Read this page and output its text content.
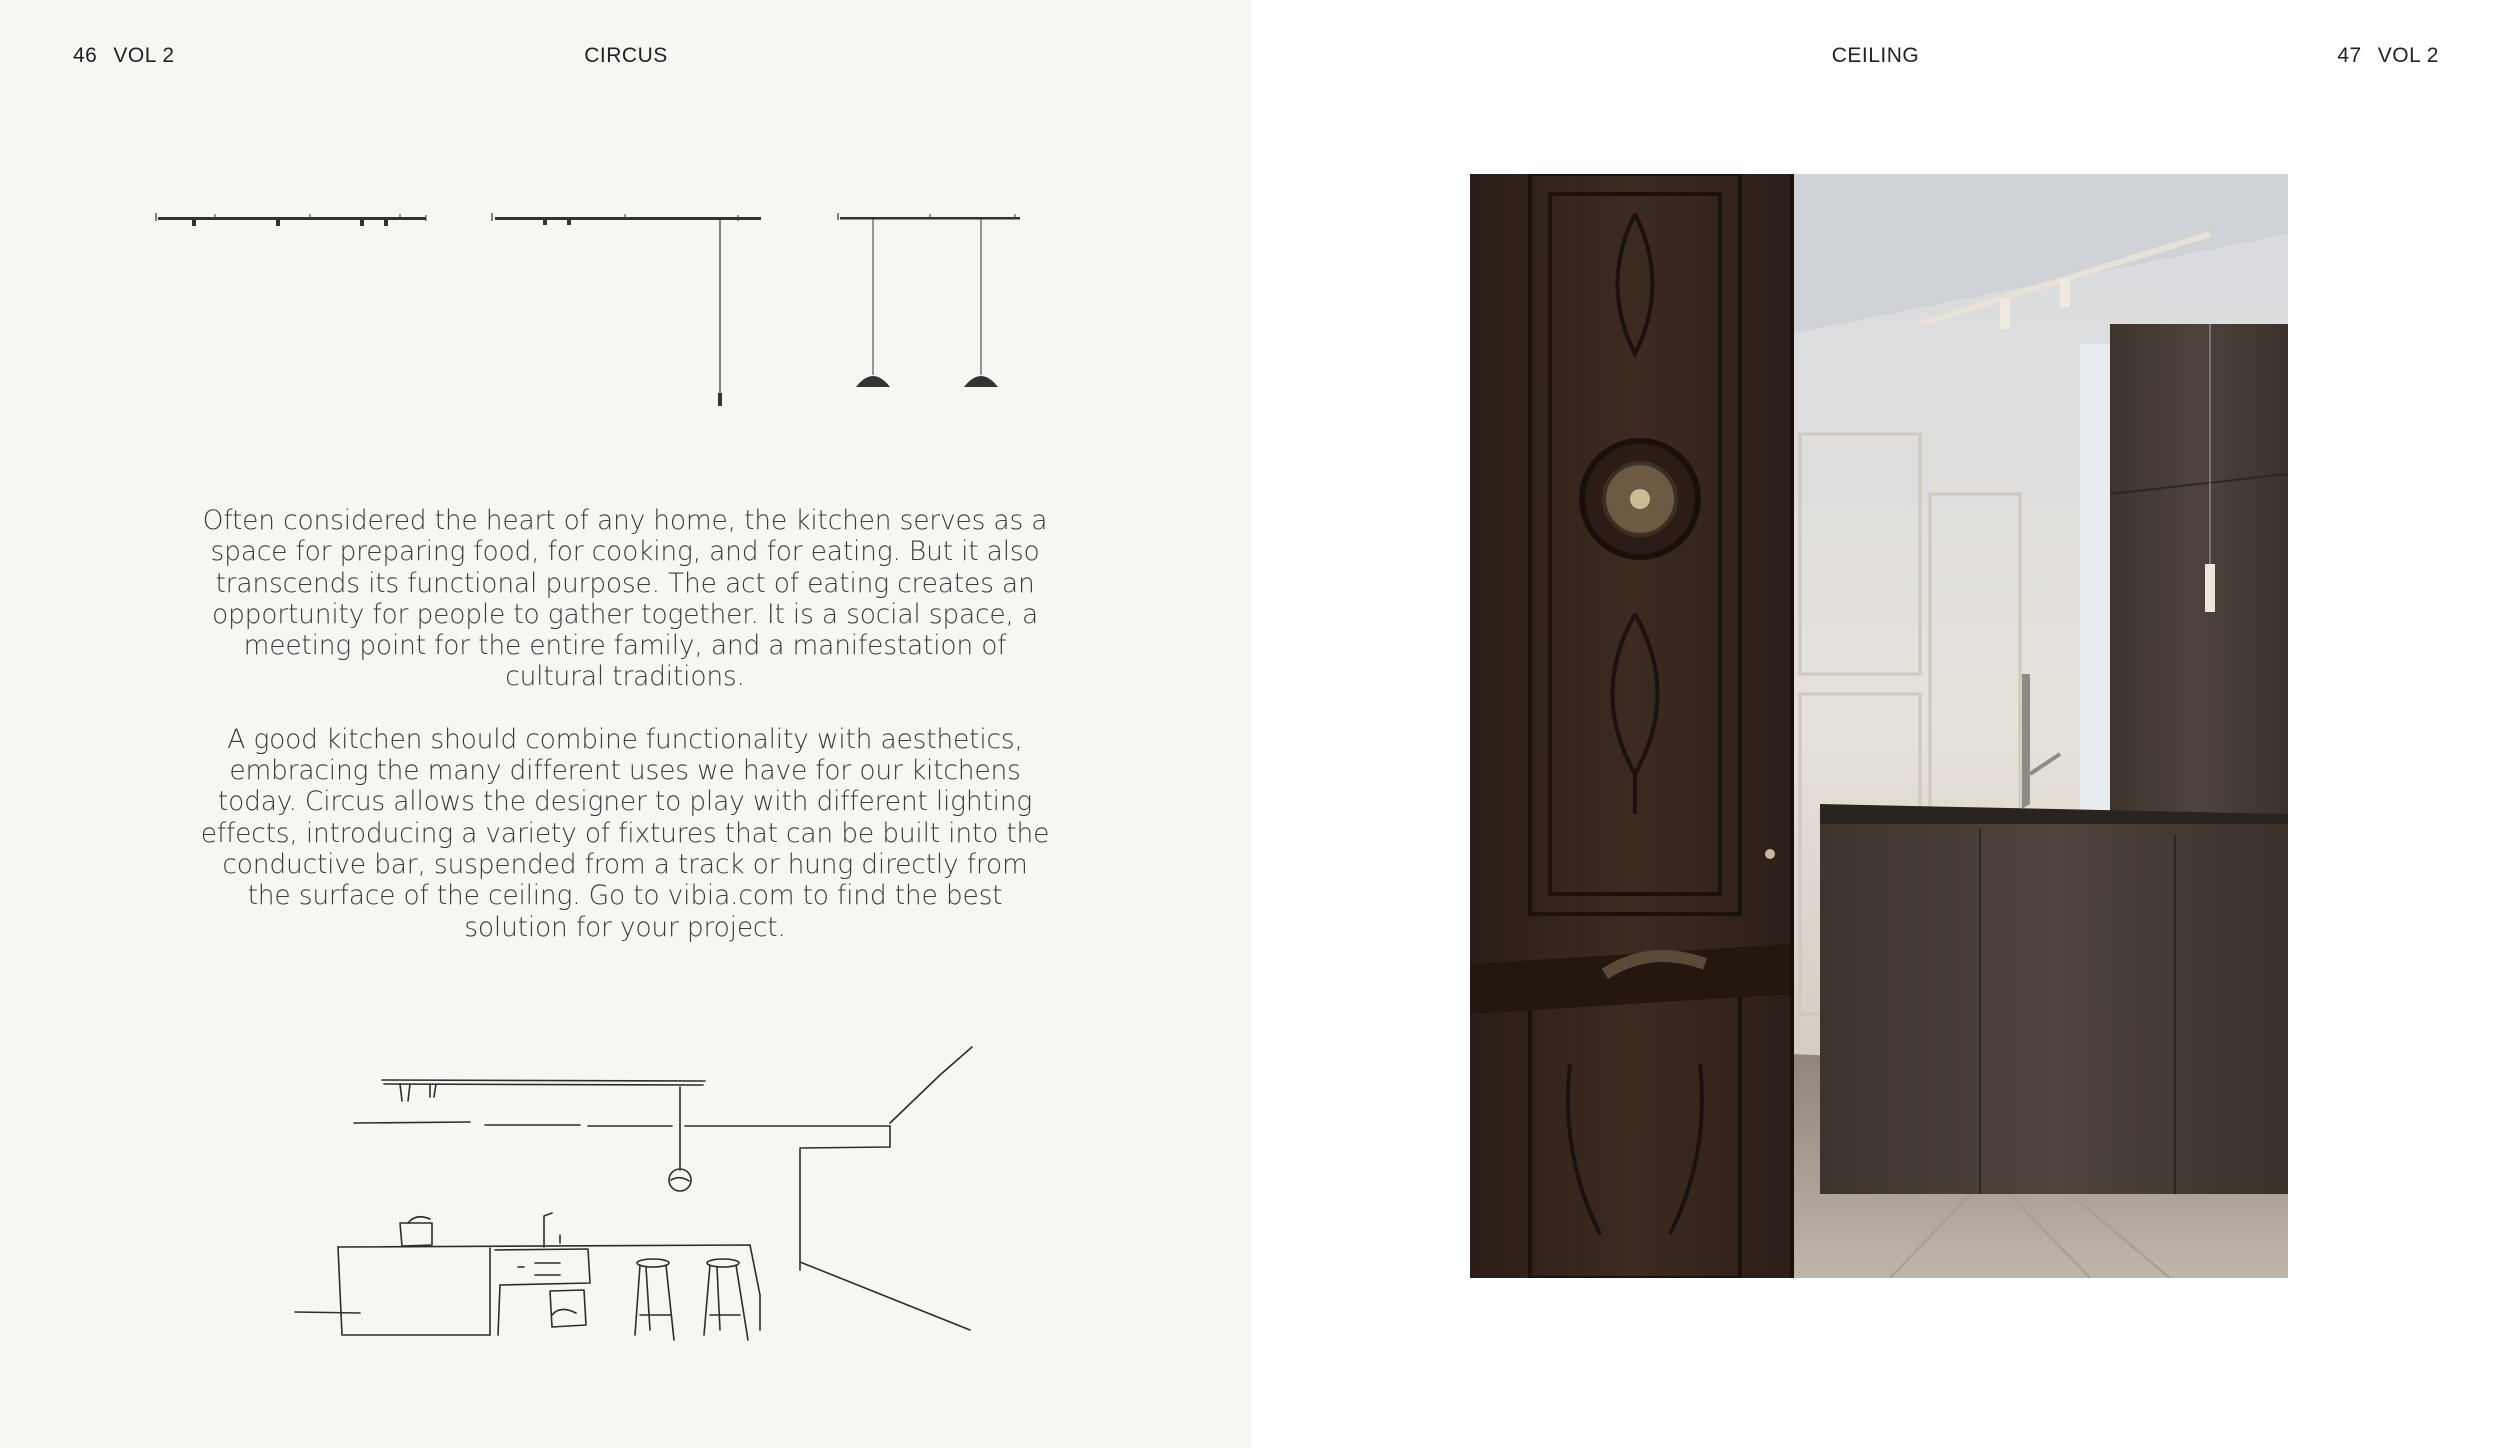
46 VOL 2	CIRCUS

Often considered the heart of any home, the kitchen serves as a space for preparing food, for cooking, and for eating. But it also transcends its functional purpose. The act of eating creates an opportunity for people to gather together. It is a social space, a meeting point for the entire family, and a manifestation of cultural traditions.

A good kitchen should combine functionality with aesthetics, embracing the many different uses we have for our kitchens today. Circus allows the designer to play with different lighting effects, introducing a variety of fixtures that can be built into the conductive bar, suspended from a track or hung directly from the surface of the ceiling. Go to vibia.com to find the best solution for your project.

CEILING	47 VOL 2
